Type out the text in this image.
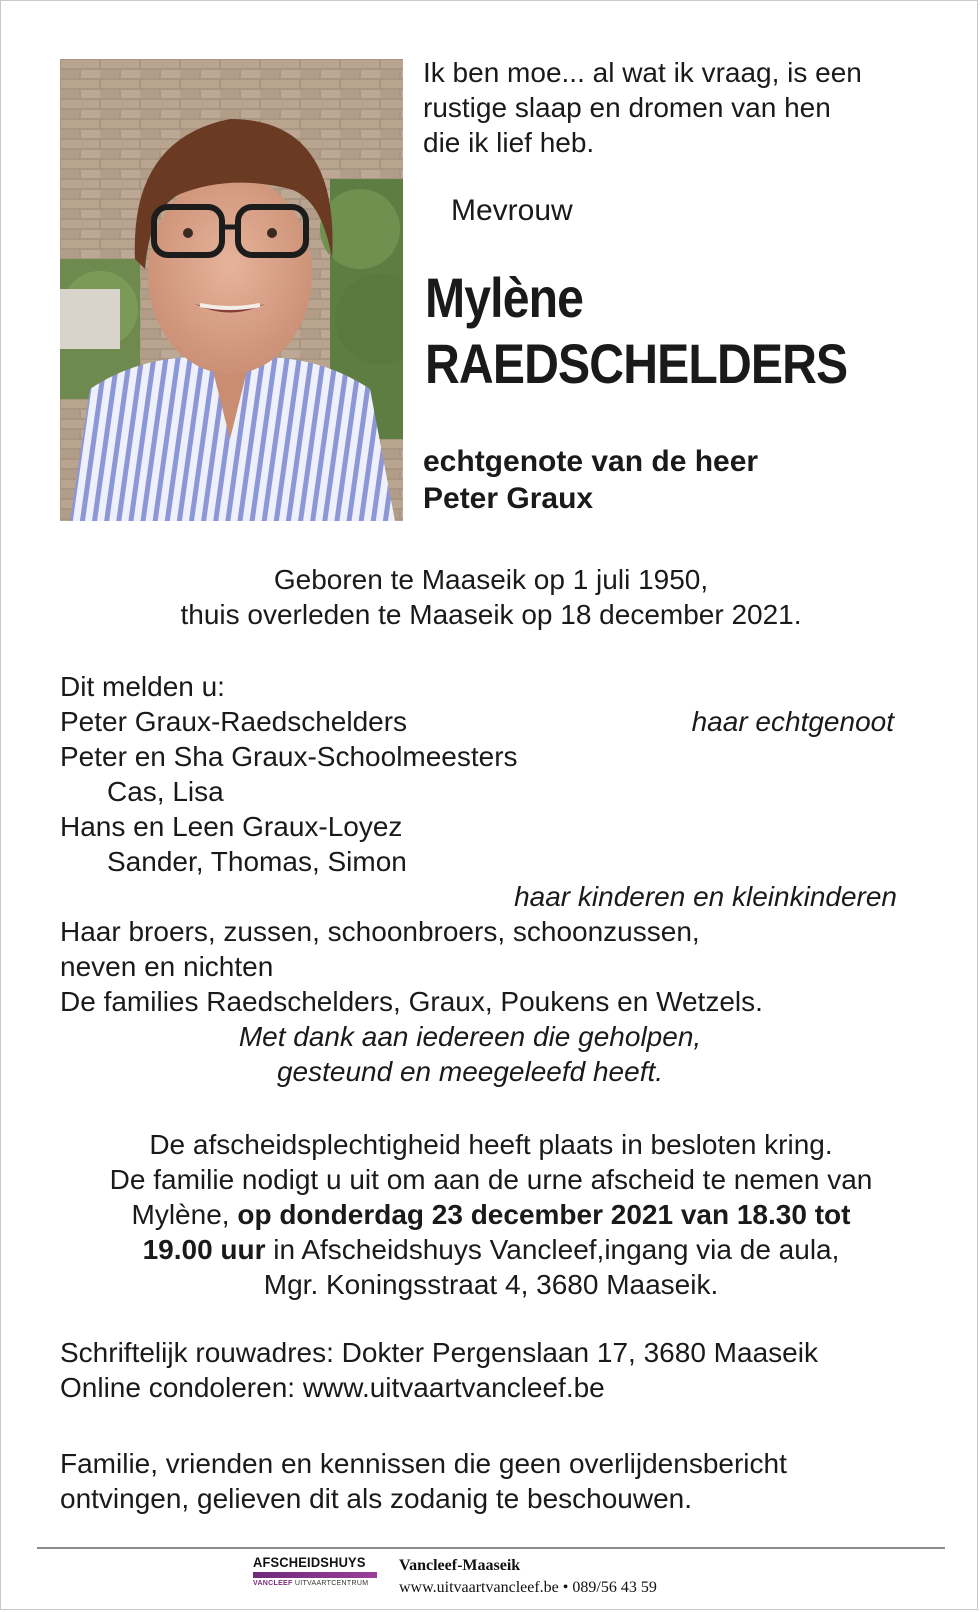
Ik ben moe... al wat ik vraag, is een
rustige slaap en dromen van hen
die ik lief heb.
Mevrouw
Mylène
RAEDSCHELDERS
echtgenote van de heer
Peter Graux
Geboren te Maaseik op 1 juli 1950,
thuis overleden te Maaseik op 18 december 2021.
Dit melden u:
Peter Graux-Raedschelders	haar echtgenoot
Peter en Sha Graux-Schoolmeesters
Cas, Lisa
Hans en Leen Graux-Loyez
Sander, Thomas, Simon
haar kinderen en kleinkinderen
Haar broers, zussen, schoonbroers, schoonzussen,
neven en nichten
De families Raedschelders, Graux, Poukens en Wetzels.
Met dank aan iedereen die geholpen,
gesteund en meegeleefd heeft.
De afscheidsplechtigheid heeft plaats in besloten kring.
De familie nodigt u uit om aan de urne afscheid te nemen van
Mylène, op donderdag 23 december 2021 van 18.30 tot
19.00 uur in Afscheidshuys Vancleef,ingang via de aula,
Mgr. Koningsstraat 4, 3680 Maaseik.
Schriftelijk rouwadres: Dokter Pergenslaan 17, 3680 Maaseik
Online condoleren: www.uitvaartvancleef.be
Familie, vrienden en kennissen die geen overlijdensbericht
ontvingen, gelieven dit als zodanig te beschouwen.
AFSCHEIDSHUYS
VANCLEEF UITVAARTCENTRUM
Vancleef-Maaseik
www.uitvaartvancleef.be • 089/56 43 59
